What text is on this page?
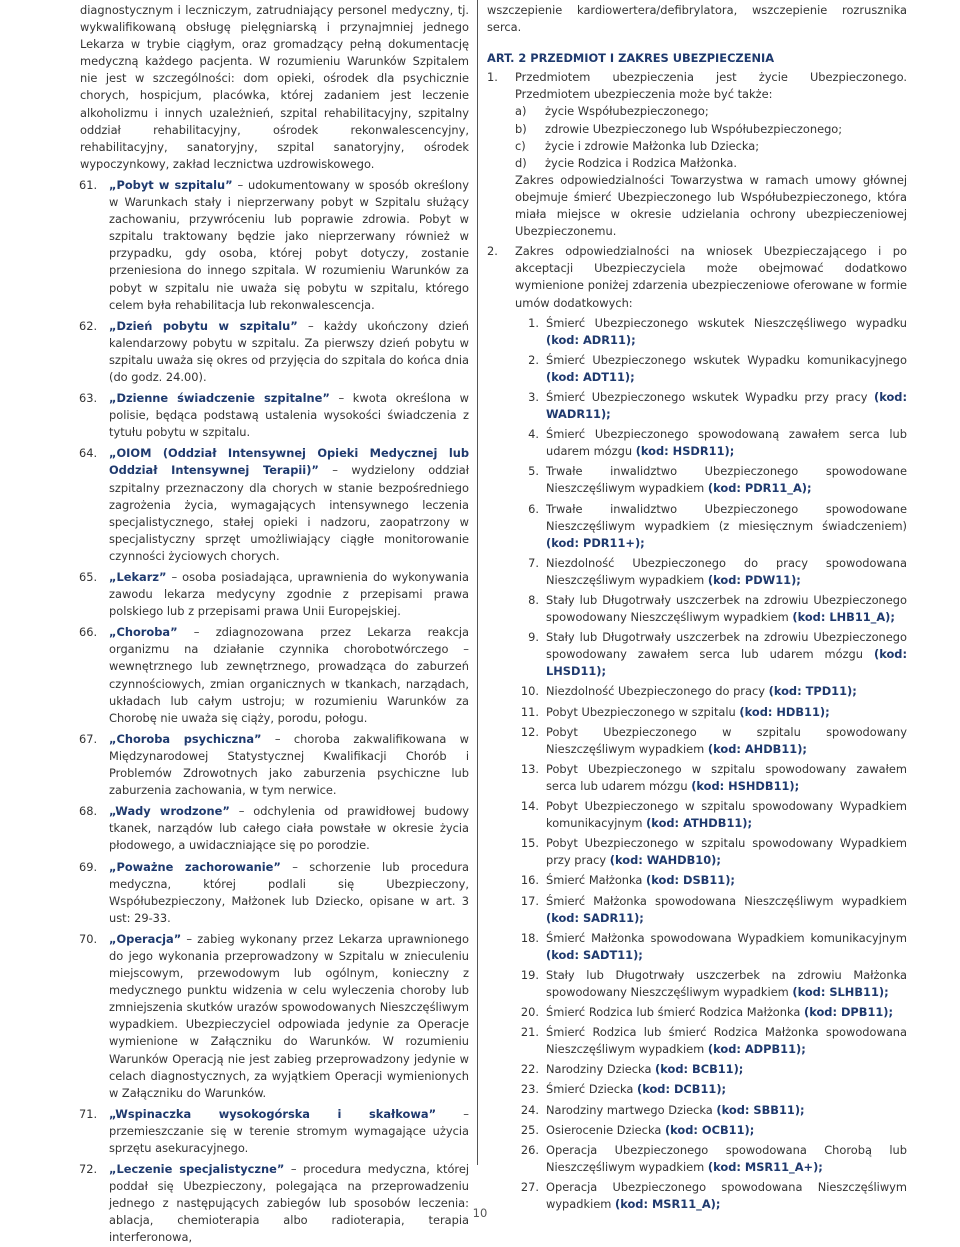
diagnostycznym i leczniczym, zatrudniający personel medyczny, tj. wykwalifikowaną obsługę pielęgniarską i przynajmniej jednego Lekarza w trybie ciągłym, oraz gromadzący pełną dokumentację medyczną każdego pacjenta. W rozumieniu Warunków Szpitalem nie jest w szczególności: dom opieki, ośrodek dla psychicznie chorych, hospicjum, placówka, której zadaniem jest leczenie alkoholizmu i innych uzależnień, szpital rehabilitacyjny, szpitalny oddział rehabilitacyjny, ośrodek rekonwalescencyjny, rehabilitacyjny, sanatoryjny, szpital sanatoryjny, ośrodek wypoczynkowy, zakład lecznictwa uzdrowiskowego.

61. „Pobyt w szpitalu” – udokumentowany w sposób określony w Warunkach stały i nieprzerwany pobyt w Szpitalu służący zachowaniu, przywróceniu lub poprawie zdrowia. Pobyt w szpitalu traktowany będzie jako nieprzerwany również w przypadku, gdy osoba, której pobyt dotyczy, zostanie przeniesiona do innego szpitala. W rozumieniu Warunków za pobyt w szpitalu nie uważa się pobytu w szpitalu, którego celem była rehabilitacja lub rekonwalescencja.
62. „Dzień pobytu w szpitalu” – każdy ukończony dzień kalendarzowy pobytu w szpitalu. Za pierwszy dzień pobytu w szpitalu uważa się okres od przyjęcia do szpitala do końca dnia (do godz. 24.00).
63. „Dzienne świadczenie szpitalne” – kwota określona w polisie, będąca podstawą ustalenia wysokości świadczenia z tytułu pobytu w szpitalu.
64. „OIOM (Oddział Intensywnej Opieki Medycznej lub Oddział Intensywnej Terapii)” – wydzielony oddział szpitalny przeznaczony dla chorych w stanie bezpośredniego zagrożenia życia, wymagających intensywnego leczenia specjalistycznego, stałej opieki i nadzoru, zaopatrzony w specjalistyczny sprzęt umożliwiający ciągłe monitorowanie czynności życiowych chorych.
65. „Lekarz” – osoba posiadająca, uprawnienia do wykonywania zawodu lekarza medycyny zgodnie z przepisami prawa polskiego lub z przepisami prawa Unii Europejskiej.
66. „Choroba” – zdiagnozowana przez Lekarza reakcja organizmu na działanie czynnika chorobotwórczego – wewnętrznego lub zewnętrznego, prowadząca do zaburzeń czynnościowych, zmian organicznych w tkankach, narządach, układach lub całym ustroju; w rozumieniu Warunków za Chorobę nie uważa się ciąży, porodu, połogu.
67. „Choroba psychiczna” – choroba zakwalifikowana w Międzynarodowej Statystycznej Kwalifikacji Chorób i Problemów Zdrowotnych jako zaburzenia psychiczne lub zaburzenia zachowania, w tym nerwice.
68. „Wady wrodzone” – odchylenia od prawidłowej budowy tkanek, narządów lub całego ciała powstałe w okresie życia płodowego, a uwidaczniające się po porodzie.
69. „Poważne zachorowanie” – schorzenie lub procedura medyczna, której podlali się Ubezpieczony, Współubezpieczony, Małżonek lub Dziecko, opisane w art. 3 ust: 29-33.
70. „Operacja” – zabieg wykonany przez Lekarza uprawnionego do jego wykonania przeprowadzony w Szpitalu w znieculeniu miejscowym, przewodowym lub ogólnym, konieczny z medycznego punktu widzenia w celu wyleczenia choroby lub zmniejszenia skutków urazów spowodowanych Nieszczęśliwym wypadkiem. Ubezpieczyciel odpowiada jedynie za Operacje wymienione w Załączniku do Warunków. W rozumieniu Warunków Operacją nie jest zabieg przeprowadzony jedynie w celach diagnostycznych, za wyjątkiem Operacji wymienionych w Załączniku do Warunków.
71. „Wspinaczka wysokogórska i skałkowa” – przemieszczanie się w terenie stromym wymagające użycia sprzętu asekuracyjnego.
72. „Leczenie specjalistyczne” – procedura medyczna, której poddał się Ubezpieczony, polegająca na przeprowadzeniu jednego z następujących zabiegów lub sposobów leczenia: ablacja, chemioterapia albo radioterapia, terapia interferonowa,

wszczepienie kardiowertera/defibrylatora, wszczepienie rozrusznika serca.

ART. 2 PRZEDMIOT I ZAKRES UBEZPIECZENIA

1. Przedmiotem ubezpieczenia jest życie Ubezpieczonego. Przedmiotem ubezpieczenia może być także:

a) życie Współubezpieczonego;
b) zdrowie Ubezpieczonego lub Współubezpieczonego;
c) życie i zdrowie Małżonka lub Dziecka;
d) życie Rodzica i Rodzica Małżonka.

Zakres odpowiedzialności Towarzystwa w ramach umowy głównej obejmuje śmierć Ubezpieczonego lub Współubezpieczonego, która miała miejsce w okresie udzielania ochrony ubezpieczeniowej Ubezpieczonemu.

2. Zakres odpowiedzialności na wniosek Ubezpieczającego i po akceptacji Ubezpieczyciela może obejmować dodatkowo wymienione poniżej zdarzenia ubezpieczeniowe oferowane w formie umów dodatkowych:

1. Śmierć Ubezpieczonego wskutek Nieszczęśliwego wypadku (kod: ADR11);
2. Śmierć Ubezpieczonego wskutek Wypadku komunikacyjnego (kod: ADT11);
3. Śmierć Ubezpieczonego wskutek Wypadku przy pracy (kod: WADR11);
4. Śmierć Ubezpieczonego spowodowaną zawałem serca lub udarem mózgu (kod: HSDR11);
5. Trwałe inwalidztwo Ubezpieczonego spowodowane Nieszczęśliwym wypadkiem (kod: PDR11_A);
6. Trwałe inwalidztwo Ubezpieczonego spowodowane Nieszczęśliwym wypadkiem (z miesięcznym świadczeniem) (kod: PDR11+);
7. Niezdolność Ubezpieczonego do pracy spowodowana Nieszczęśliwym wypadkiem (kod: PDW11);
8. Stały lub Długotrwały uszczerbek na zdrowiu Ubezpieczonego spowodowany Nieszczęśliwym wypadkiem (kod: LHB11_A);
9. Stały lub Długotrwały uszczerbek na zdrowiu Ubezpieczonego spowodowany zawałem serca lub udarem mózgu (kod: LHSD11);
10. Niezdolność Ubezpieczonego do pracy (kod: TPD11);
11. Pobyt Ubezpieczonego w szpitalu (kod: HDB11);
12. Pobyt Ubezpieczonego w szpitalu spowodowany Nieszczęśliwym wypadkiem (kod: AHDB11);
13. Pobyt Ubezpieczonego w szpitalu spowodowany zawałem serca lub udarem mózgu (kod: HSHDB11);
14. Pobyt Ubezpieczonego w szpitalu spowodowany Wypadkiem komunikacyjnym (kod: ATHDB11);
15. Pobyt Ubezpieczonego w szpitalu spowodowany Wypadkiem przy pracy (kod: WAHDB10);
16. Śmierć Małżonka (kod: DSB11);
17. Śmierć Małżonka spowodowana Nieszczęśliwym wypadkiem (kod: SADR11);
18. Śmierć Małżonka spowodowana Wypadkiem komunikacyjnym (kod: SADT11);
19. Stały lub Długotrwały uszczerbek na zdrowiu Małżonka spowodowany Nieszczęśliwym wypadkiem (kod: SLHB11);
20. Śmierć Rodzica lub śmierć Rodzica Małżonka (kod: DPB11);
21. Śmierć Rodzica lub śmierć Rodzica Małżonka spowodowana Nieszczęśliwym wypadkiem (kod: ADPB11);
22. Narodziny Dziecka (kod: BCB11);
23. Śmierć Dziecka (kod: DCB11);
24. Narodziny martwego Dziecka (kod: SBB11);
25. Osierocenie Dziecka (kod: OCB11);
26. Operacja Ubezpieczonego spowodowana Chorobą lub Nieszczęśliwym wypadkiem (kod: MSR11_A+);
27. Operacja Ubezpieczonego spowodowana Nieszczęśliwym wypadkiem (kod: MSR11_A);
10
